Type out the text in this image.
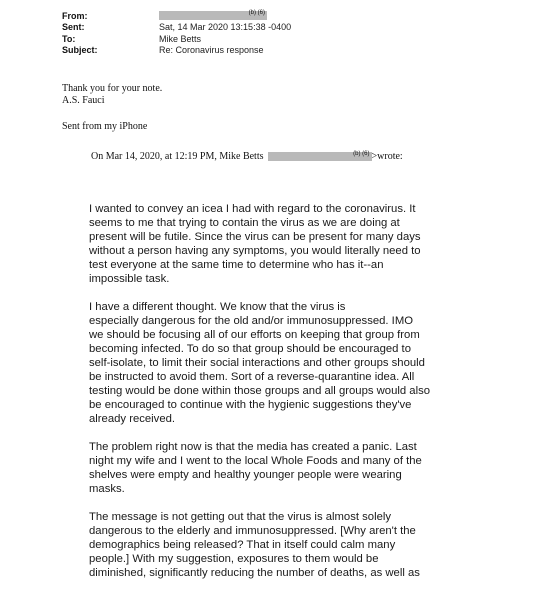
From:	(b) (6)
Sent:	Sat, 14 Mar 2020 13:15:38 -0400
To:	Mike Betts
Subject:	Re: Coronavirus response

Thank you for your note.

A.S. Fauci

Sent from my iPhone

On Mar 14, 2020, at 12:19 PM, Mike Betts	(b) (6) >wrote:
I wanted to convey an icea I had with regard to the coronavirus. It
seems to me that trying to contain the virus as we are doing at
present will be futile. Since the virus can be present for many days
without a person having any symptoms, you would literally need to
test everyone at the same time to determine who has it--an
impossible task.
I have a different thought. We know that the virus is
especially dangerous for the old and/or immunosuppressed. IMO
we should be focusing all of our efforts on keeping that group from
becoming infected. To do so that group should be encouraged to
self-isolate, to limit their social interactions and other groups should
be instructed to avoid them. Sort of a reverse-quarantine idea. All
testing would be done within those groups and all groups would also
be encouraged to continue with the hygienic suggestions they've
already received.
The problem right now is that the media has created a panic. Last
night my wife and I went to the local Whole Foods and many of the
shelves were empty and healthy younger people were wearing
masks.
The message is not getting out that the virus is almost solely
dangerous to the elderly and immunosuppressed. [Why aren't the
demographics being released? That in itself could calm many
people.] With my suggestion, exposures to them would be
diminished, significantly reducing the number of deaths, as well as
